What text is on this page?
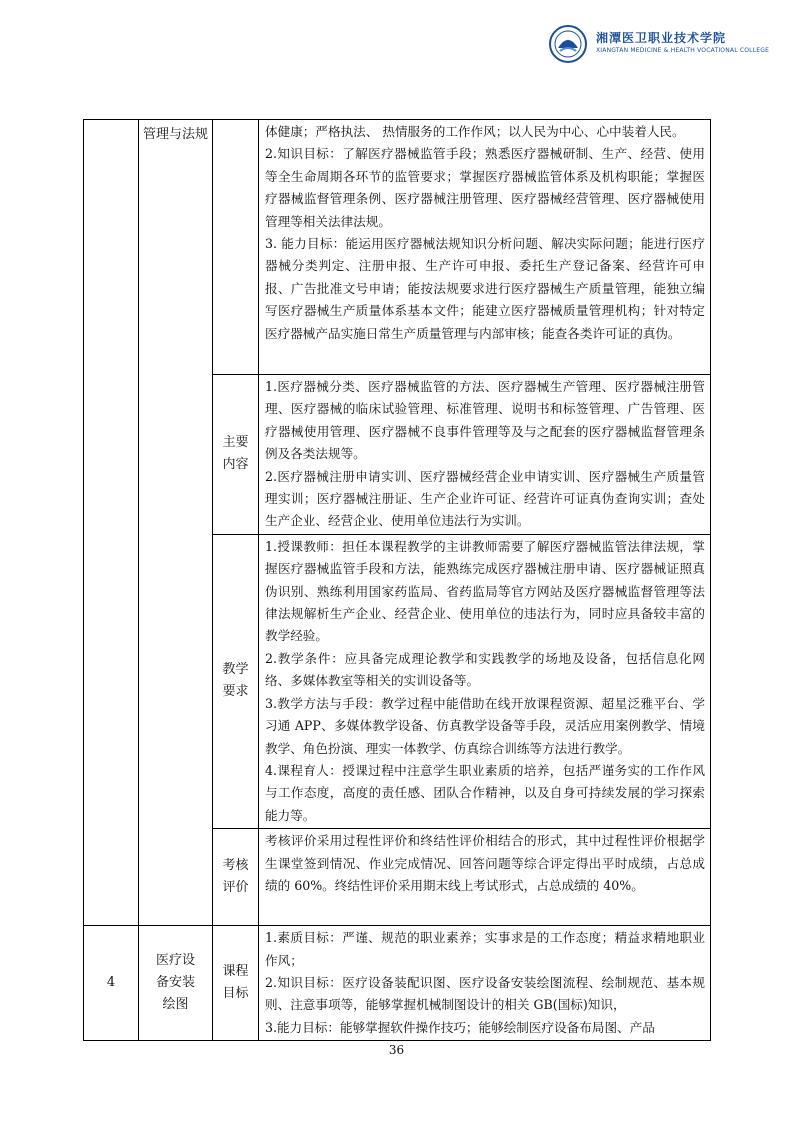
湘潭医卫职业技术学院
XIANGTAN MEDICINE & HEALTH VOCATIONAL COLLEGE

	管理与法规		体健康；严格执法、 热情服务的工作作风；以人民为中心、心中装着人民。

2.知识目标：了解医疗器械监管手段；熟悉医疗器械研制、生产、经营、使用等全生命周期各环节的监管要求；掌握医疗器械监管体系及机构职能；掌握医疗器械监督管理条例、医疗器械注册管理、医疗器械经营管理、医疗器械使用管理等相关法律法规。

3. 能力目标：能运用医疗器械法规知识分析问题、解决实际问题；能进行医疗器械分类判定、注册申报、生产许可申报、委托生产登记备案、经营许可申报、广告批准文号申请；能按法规要求进行医疗器械生产质量管理，能独立编写医疗器械生产质量体系基本文件；能建立医疗器械质量管理机构；针对特定医疗器械产品实施日常生产质量管理与内部审核；能查各类许可证的真伪。

		主要内容	1.医疗器械分类、医疗器械监管的方法、医疗器械生产管理、医疗器械注册管理、医疗器械的临床试验管理、标准管理、说明书和标签管理、广告管理、医疗器械使用管理、医疗器械不良事件管理等及与之配套的医疗器械监督管理条例及各类法规等。

2.医疗器械注册申请实训、医疗器械经营企业申请实训、医疗器械生产质量管理实训；医疗器械注册证、生产企业许可证、经营许可证真伪查询实训；查处生产企业、经营企业、使用单位违法行为实训。

		教学要求	1.授课教师：担任本课程教学的主讲教师需要了解医疗器械监管法律法规，掌握医疗器械监管手段和方法，能熟练完成医疗器械注册申请、医疗器械证照真伪识别、熟练利用国家药监局、省药监局等官方网站及医疗器械监督管理等法律法规解析生产企业、经营企业、使用单位的违法行为，同时应具备较丰富的教学经验。

2.教学条件：应具备完成理论教学和实践教学的场地及设备，包括信息化网络、多媒体教室等相关的实训设备等。

3.教学方法与手段：教学过程中能借助在线开放课程资源、超星泛雅平台、学习通 APP、多媒体教学设备、仿真教学设备等手段，灵活应用案例教学、情境教学、角色扮演、理实一体教学、仿真综合训练等方法进行教学。

4.课程育人：授课过程中注意学生职业素质的培养，包括严谨务实的工作作风与工作态度，高度的责任感、团队合作精神，以及自身可持续发展的学习探索能力等。

		考核评价	考核评价采用过程性评价和终结性评价相结合的形式，其中过程性评价根据学生课堂签到情况、作业完成情况、回答问题等综合评定得出平时成绩，占总成绩的 60%。终结性评价采用期末线上考试形式，占总成绩的 40%。

4	医疗设备安装绘图	课程目标	1.素质目标：严谨、规范的职业素养；实事求是的工作态度；精益求精地职业作风；

2.知识目标：医疗设备装配识图、医疗设备安装绘图流程、绘制规范、基本规则、注意事项等，能够掌握机械制图设计的相关 GB(国标)知识，

3.能力目标：能够掌握软件操作技巧；能够绘制医疗设备布局图、产品

36
